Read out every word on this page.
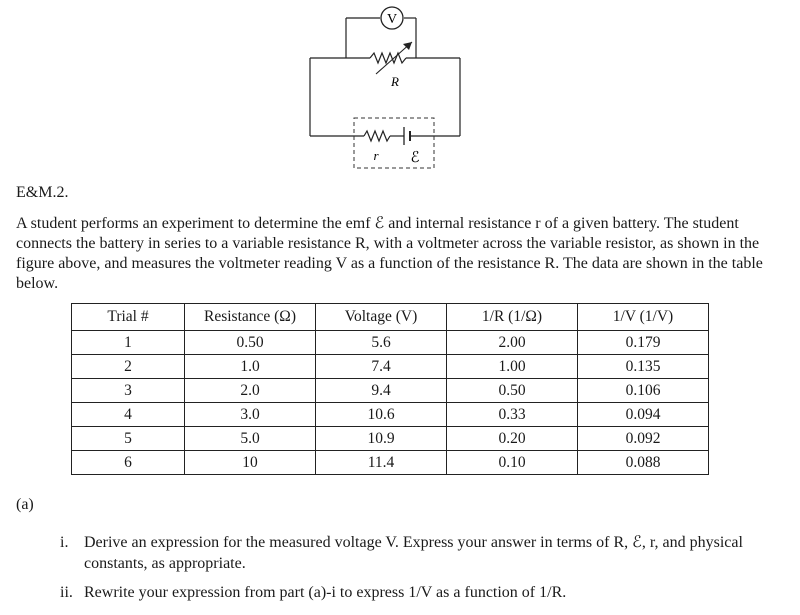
V
R
r ℰ
E&M.2.
A student performs an experiment to determine the emf ℰ and internal resistance r of a given battery. The student connects the battery in series to a variable resistance R, with a voltmeter across the variable resistor, as shown in the figure above, and measures the voltmeter reading V as a function of the resistance R. The data are shown in the table below.
Trial #	Resistance (Ω)	Voltage (V)	1/R (1/Ω)	1/V (1/V)
1	0.50	5.6	2.00	0.179
2	1.0	7.4	1.00	0.135
3	2.0	9.4	0.50	0.106
4	3.0	10.6	0.33	0.094
5	5.0	10.9	0.20	0.092
6	10	11.4	0.10	0.088
(a)
i. Derive an expression for the measured voltage V. Express your answer in terms of R, ℰ, r, and physical constants, as appropriate.
ii. Rewrite your expression from part (a)-i to express 1/V as a function of 1/R.
